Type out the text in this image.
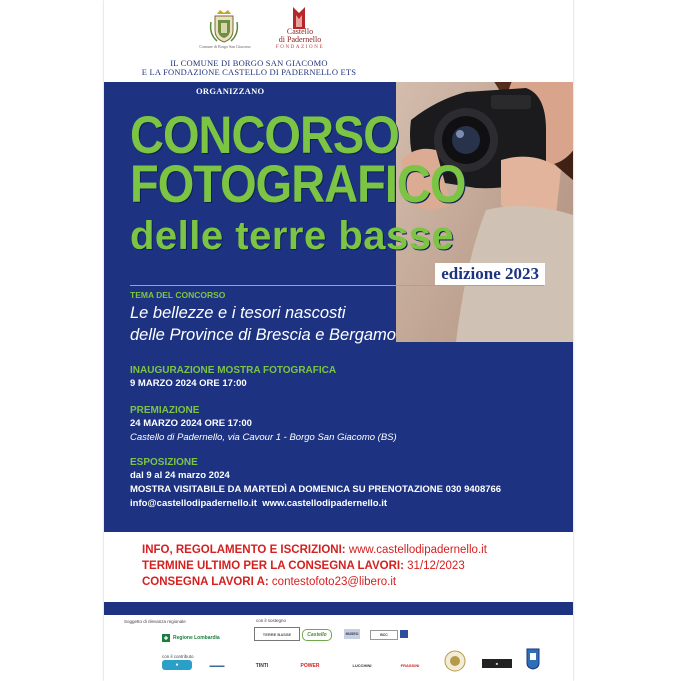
Comune di Borgo San Giacomo
Castello
di Padernello
FONDAZIONE
IL COMUNE DI BORGO SAN GIACOMO
E LA FONDAZIONE CASTELLO DI PADERNELLO ETS
ORGANIZZANO
CONCORSO
FOTOGRAFICO
delle terre basse
edizione 2023
TEMA DEL CONCORSO
Le bellezze e i tesori nascosti
delle Province di Brescia e Bergamo
INAUGURAZIONE MOSTRA FOTOGRAFICA
9 MARZO 2024 ORE 17:00
PREMIAZIONE
24 MARZO 2024 ORE 17:00
Castello di Padernello, via Cavour 1 - Borgo San Giacomo (BS)
ESPOSIZIONE
dal 9 al 24 marzo 2024
MOSTRA VISITABILE DA MARTEDÌ A DOMENICA SU PRENOTAZIONE 030 9408766
info@castellodipadernello.it  www.castellodipadernello.it
INFO, REGOLAMENTO E ISCRIZIONI: www.castellodipadernello.it
TERMINE ULTIMO PER LA CONSEGNA LAVORI: 31/12/2023
CONSEGNA LAVORI A: contestofoto23@libero.it
Soggetto di rilevanza regionale	con il sostegno
con il contributo
Regione Lombardia
TERRE BASSE	Castello	MUSEO	BCC
●	▬▬▬	TINTI	POWER	LUCCHINI	FRASSINI	■
